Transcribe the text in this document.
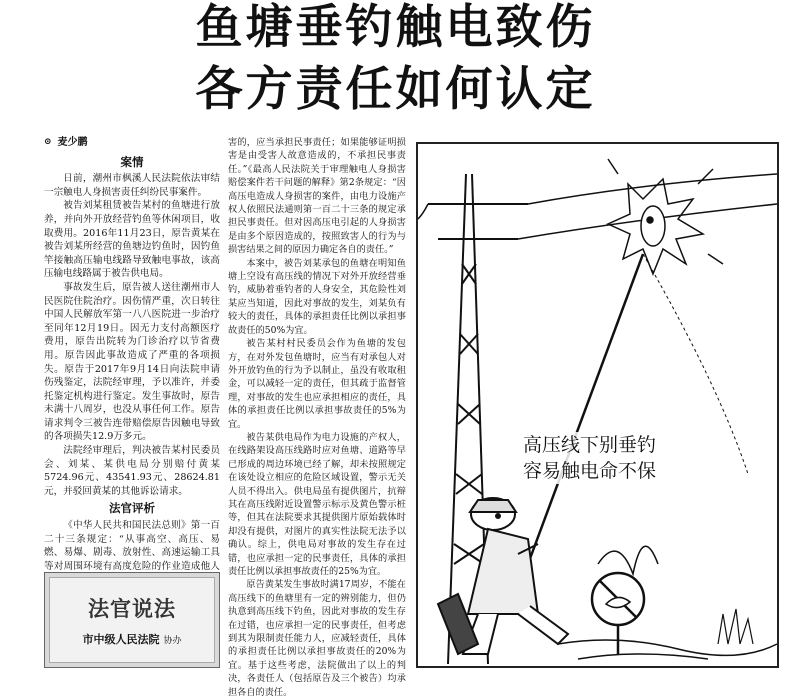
鱼塘垂钓触电致伤
各方责任如何认定
⊙ 麦少鹏
案情

日前，潮州市枫溪人民法院依法审结一宗触电人身损害责任纠纷民事案件。

被告刘某租赁被告某村的鱼塘进行放养，并向外开放经营钓鱼等休闲项目，收取费用。2016年11月23日，原告黄某在被告刘某所经营的鱼塘边钓鱼时，因钓鱼竿接触高压输电线路导致触电事故，该高压输电线路属于被告供电局。

事故发生后，原告被人送往潮州市人民医院住院治疗。因伤情严重，次日转往中国人民解放军第一八八医院进一步治疗至同年12月19日。因无力支付高额医疗费用，原告出院转为门诊治疗以节省费用。原告因此事故造成了严重的各项损失。原告于2017年9月14日向法院申请伤残鉴定，法院经审理，予以准许，并委托鉴定机构进行鉴定。发生事故时，原告未满十八周岁，也没从事任何工作。原告请求判令三被告连带赔偿原告因触电导致的各项损失12.9万多元。

法院经审理后，判决被告某村民委员会、刘某、某供电局分别赔付黄某5724.96元、43541.93元、28624.81元，并驳回黄某的其他诉讼请求。

法官评析

《中华人民共和国民法总则》第一百二十三条规定：“从事高空、高压、易燃、易爆、剧毒、放射性、高速运输工具等对周围环境有高度危险的作业造成他人

害的，应当承担民事责任；如果能够证明损害是由受害人故意造成的，不承担民事责任。”《最高人民法院关于审理触电人身损害赔偿案件若干问题的解释》第2条规定：“因高压电造成人身损害的案件，由电力设施产权人依照民法通则第一百二十三条的规定承担民事责任。但对因高压电引起的人身损害是由多个原因造成的，按照致害人的行为与损害结果之间的原因力确定各自的责任。”

本案中，被告刘某承包的鱼塘在明知鱼塘上空设有高压线的情况下对外开放经营垂钓，威胁着垂钓者的人身安全，其危险性刘某应当知道，因此对事故的发生，刘某负有较大的责任，具体的承担责任比例以承担事故责任的50%为宜。

被告某村村民委员会作为鱼塘的发包方，在对外发包鱼塘时，应当有对承包人对外开放钓鱼的行为予以制止，虽没有收取租金，可以减轻一定的责任，但其疏于监督管理，对事故的发生也应承担相应的责任，具体的承担责任比例以承担事故责任的5%为宜。

被告某供电局作为电力设施的产权人，在线路架设高压线路时应对鱼塘、道路等早已形成的周边环境已经了解，却未按照规定在该处设立相应的危险区域设置，警示无关人员不得出入。供电局虽有提供图片，抗辩其在高压线附近设置警示标示及黄色警示桩等，但其在法院要求其提供图片原始载体时却没有提供，对图片的真实性法院无法予以确认。综上，供电局对事故的发生存在过错，也应承担一定的民事责任，具体的承担责任比例以承担事故责任的25%为宜。

原告黄某发生事故时满17周岁，不能在高压线下的鱼塘里有一定的辨别能力，但仍执意到高压线下钓鱼，因此对事故的发生存在过错，也应承担一定的民事责任，但考虑到其为限制责任能力人，应减轻责任，具体的承担责任比例以承担事故责任的20%为宜。基于这些考虑，法院做出了以上的判决，各责任人（包括原告及三个被告）均承担各自的责任。

法官说法
市中级人民法院 协办
高压线下别垂钓
容易触电命不保
